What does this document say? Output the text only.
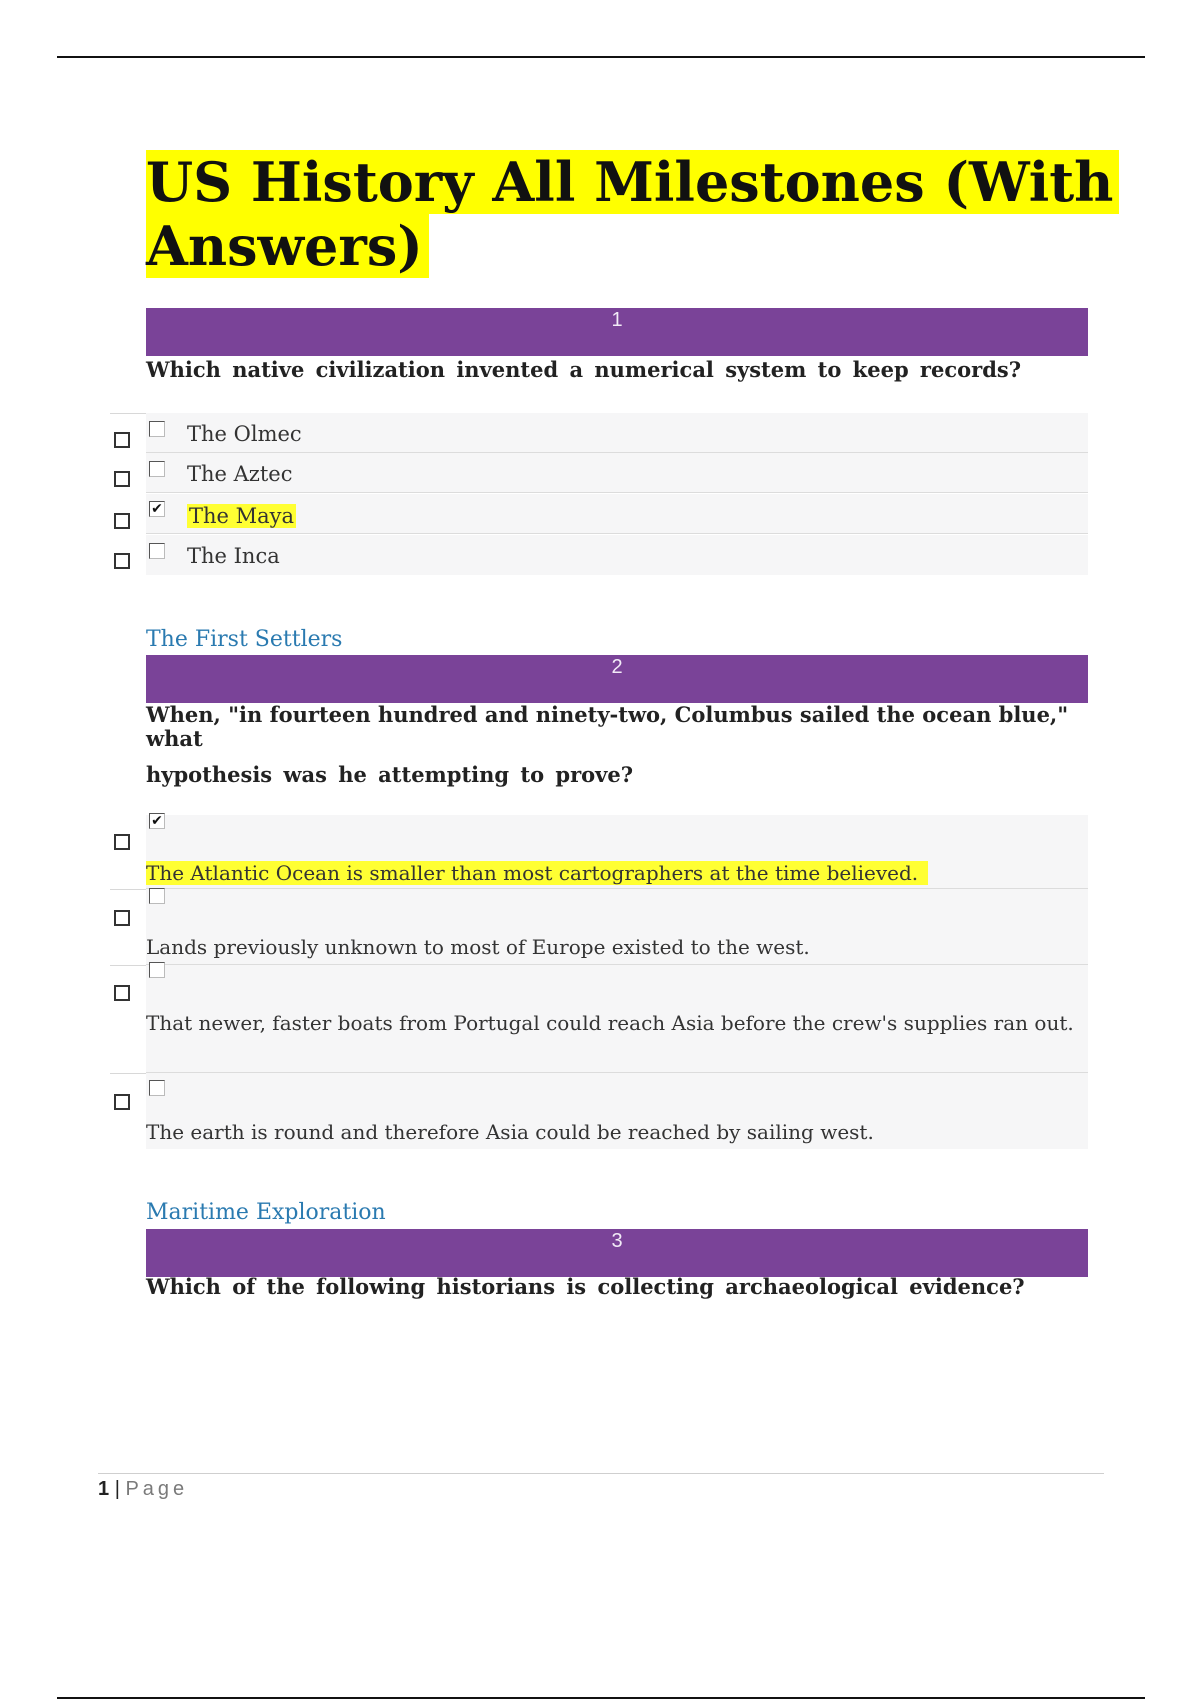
US History All Milestones (With
Answers)
1
Which native civilization invented a numerical system to keep records?
The Olmec
The Aztec
✔ The Maya
The Inca
The First Settlers
2
When, "in fourteen hundred and ninety-two, Columbus sailed the ocean blue," what
hypothesis was he attempting to prove?
✔
The Atlantic Ocean is smaller than most cartographers at the time believed.
Lands previously unknown to most of Europe existed to the west.
That newer, faster boats from Portugal could reach Asia before the crew's supplies ran out.
The earth is round and therefore Asia could be reached by sailing west.
Maritime Exploration
3
Which of the following historians is collecting archaeological evidence?
1 | Page
